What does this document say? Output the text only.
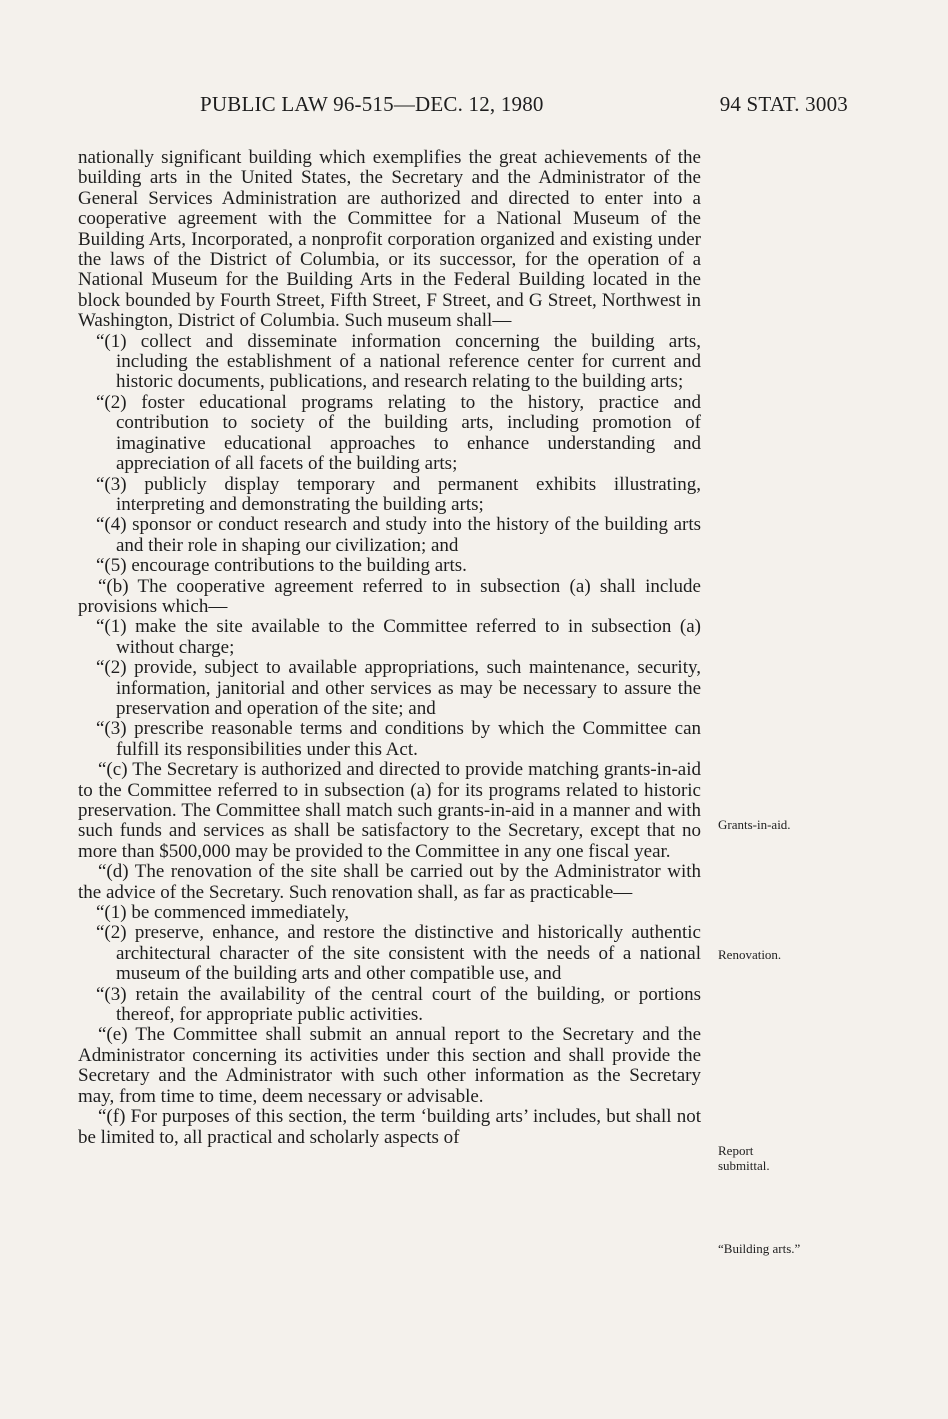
PUBLIC LAW 96-515—DEC. 12, 1980	94 STAT. 3003

nationally significant building which exemplifies the great achievements of the building arts in the United States, the Secretary and the Administrator of the General Services Administration are authorized and directed to enter into a cooperative agreement with the Committee for a National Museum of the Building Arts, Incorporated, a nonprofit corporation organized and existing under the laws of the District of Columbia, or its successor, for the operation of a National Museum for the Building Arts in the Federal Building located in the block bounded by Fourth Street, Fifth Street, F Street, and G Street, Northwest in Washington, District of Columbia. Such museum shall—

“(1) collect and disseminate information concerning the building arts, including the establishment of a national reference center for current and historic documents, publications, and research relating to the building arts;

“(2) foster educational programs relating to the history, practice and contribution to society of the building arts, including promotion of imaginative educational approaches to enhance understanding and appreciation of all facets of the building arts;

“(3) publicly display temporary and permanent exhibits illustrating, interpreting and demonstrating the building arts;

“(4) sponsor or conduct research and study into the history of the building arts and their role in shaping our civilization; and

“(5) encourage contributions to the building arts.

“(b) The cooperative agreement referred to in subsection (a) shall include provisions which—

“(1) make the site available to the Committee referred to in subsection (a) without charge;

“(2) provide, subject to available appropriations, such maintenance, security, information, janitorial and other services as may be necessary to assure the preservation and operation of the site; and

“(3) prescribe reasonable terms and conditions by which the Committee can fulfill its responsibilities under this Act.

“(c) The Secretary is authorized and directed to provide matching grants-in-aid to the Committee referred to in subsection (a) for its programs related to historic preservation. The Committee shall match such grants-in-aid in a manner and with such funds and services as shall be satisfactory to the Secretary, except that no more than $500,000 may be provided to the Committee in any one fiscal year.

“(d) The renovation of the site shall be carried out by the Administrator with the advice of the Secretary. Such renovation shall, as far as practicable—

“(1) be commenced immediately,

“(2) preserve, enhance, and restore the distinctive and historically authentic architectural character of the site consistent with the needs of a national museum of the building arts and other compatible use, and

“(3) retain the availability of the central court of the building, or portions thereof, for appropriate public activities.

“(e) The Committee shall submit an annual report to the Secretary and the Administrator concerning its activities under this section and shall provide the Secretary and the Administrator with such other information as the Secretary may, from time to time, deem necessary or advisable.

“(f) For purposes of this section, the term ‘building arts’ includes, but shall not be limited to, all practical and scholarly aspects of

Grants-in-aid.
Renovation.
Report submittal.
“Building arts.”
